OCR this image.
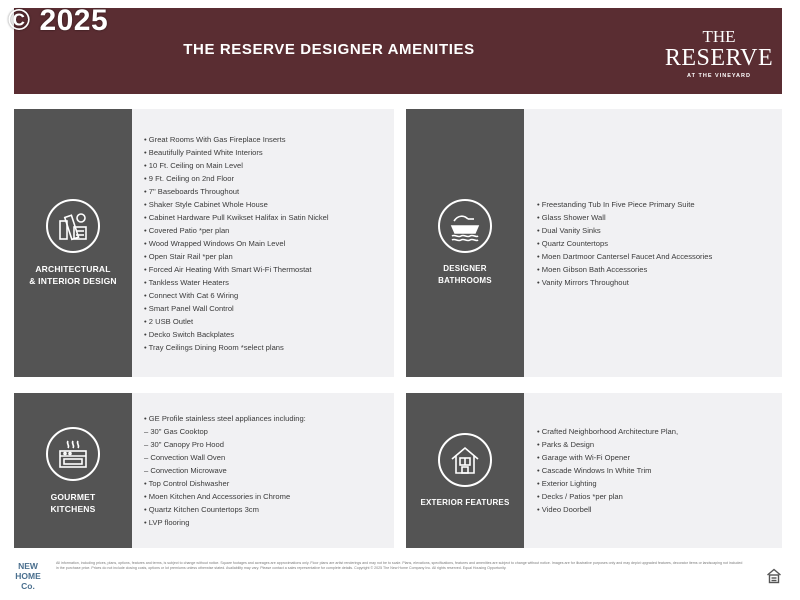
© 2025
THE RESERVE DESIGNER AMENITIES
THE
RESERVE
AT THE VINEYARD
ARCHITECTURAL
& INTERIOR DESIGN
• Great Rooms With Gas Fireplace Inserts
• Beautifully Painted White Interiors
• 10 Ft. Ceiling on Main Level
• 9 Ft. Ceiling on 2nd Floor
• 7" Baseboards Throughout
• Shaker Style Cabinet Whole House
• Cabinet Hardware Pull Kwikset Halifax in Satin Nickel
• Covered Patio *per plan
• Wood Wrapped Windows On Main Level
• Open Stair Rail *per plan
• Forced Air Heating With Smart Wi-Fi Thermostat
• Tankless Water Heaters
• Connect With Cat 6 Wiring
• Smart Panel Wall Control
• 2 USB Outlet
• Decko Switch Backplates
• Tray Ceilings Dining Room *select plans
DESIGNER
BATHROOMS
• Freestanding Tub In Five Piece Primary Suite
• Glass Shower Wall
• Dual Vanity Sinks
• Quartz Countertops
• Moen Dartmoor Cantersel Faucet And Accessories
• Moen Gibson Bath Accessories
• Vanity Mirrors Throughout
GOURMET
KITCHENS
• GE Profile stainless steel appliances including:
– 30" Gas Cooktop
– 30" Canopy Pro Hood
– Convection Wall Oven
– Convection Microwave
• Top Control Dishwasher
• Moen Kitchen And Accessories in Chrome
• Quartz Kitchen Countertops 3cm
• LVP flooring
EXTERIOR FEATURES
• Crafted Neighborhood Architecture Plan,
• Parks & Design
• Garage with Wi-Fi Opener
• Cascade Windows In White Trim
• Exterior Lighting
• Decks / Patios *per plan
• Video Doorbell
NEW
HOME
Co.
All information, including prices, plans, options, features and terms, is subject to change without notice. Square footages and acreages are approximations only. Floor plans are artist renderings and may not be to scale. Plans, elevations, specifications, features and amenities are subject to change without notice. Images are for illustrative purposes only and may depict upgraded features, decorator items or landscaping not included in the purchase price. Prices do not include closing costs, options or lot premiums unless otherwise stated. Availability may vary. Please contact a sales representative for complete details. Copyright © 2025 The New Home Company Inc. All rights reserved. Equal Housing Opportunity.
